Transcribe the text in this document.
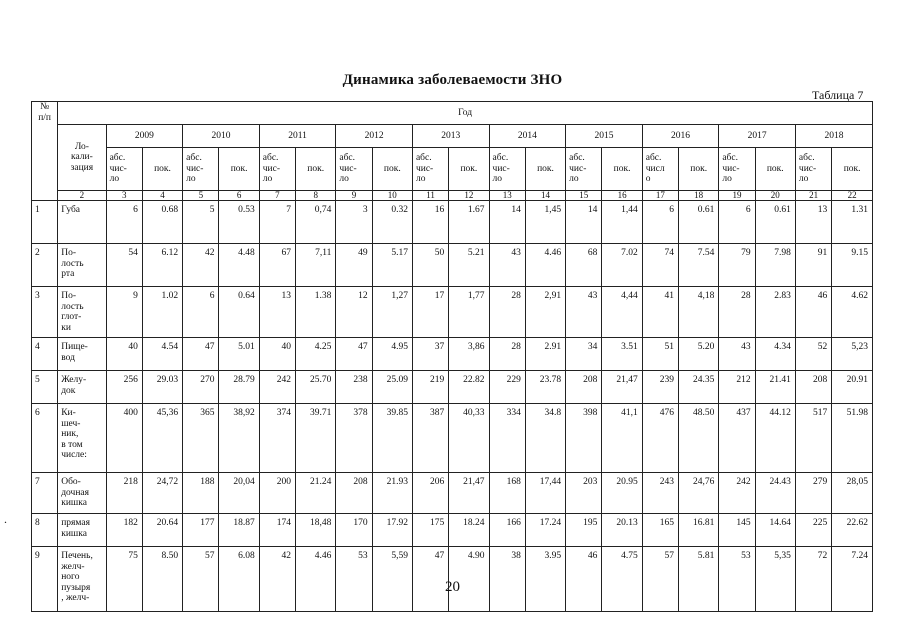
Динамика заболеваемости ЗНО
Таблица 7
.
№
п/п	Год																				
	Ло-
кали-
зация	2009		2010		2011		2012		2013		2014		2015		2016		2017		2018	
		абс.
чис-
ло	пок.	абс.
чис-
ло	пок.	абс.
чис-
ло	пок.	абс.
чис-
ло	пок.	абс.
чис-
ло	пок.	абс.
чис-
ло	пок.	абс.
чис-
ло	пок.	абс.
числ
о	пок.	абс.
чис-
ло	пок.	абс.
чис-
ло	пок.
	2	3	4	5	6	7	8	9	10	11	12	13	14	15	16	17	18	19	20	21	22
1	Губа	6	0.68	5	0.53	7	0,74	3	0.32	16	1.67	14	1,45	14	1,44	6	0.61	6	0.61	13	1.31
2	По-
лость
рта	54	6.12	42	4.48	67	7,11	49	5.17	50	5.21	43	4.46	68	7.02	74	7.54	79	7.98	91	9.15
3	По-
лость
глот-
ки	9	1.02	6	0.64	13	1.38	12	1,27	17	1,77	28	2,91	43	4,44	41	4,18	28	2.83	46	4.62
4	Пище-
вод	40	4.54	47	5.01	40	4.25	47	4.95	37	3,86	28	2.91	34	3.51	51	5.20	43	4.34	52	5,23
5	Желу-
док	256	29.03	270	28.79	242	25.70	238	25.09	219	22.82	229	23.78	208	21,47	239	24.35	212	21.41	208	20.91
6	Ки-
шеч-
ник,
в том
числе:	400	45,36	365	38,92	374	39.71	378	39.85	387	40,33	334	34.8	398	41,1	476	48.50	437	44.12	517	51.98
7	Обо-
дочная
кишка	218	24,72	188	20,04	200	21.24	208	21.93	206	21,47	168	17,44	203	20.95	243	24,76	242	24.43	279	28,05
8	прямая
кишка	182	20.64	177	18.87	174	18,48	170	17.92	175	18.24	166	17.24	195	20.13	165	16.81	145	14.64	225	22.62
9	Печень,
желч-
ного
пузыря
, желч-	75	8.50	57	6.08	42	4.46	53	5,59	47	4.90	38	3.95	46	4.75	57	5.81	53	5,35	72	7.24
20
